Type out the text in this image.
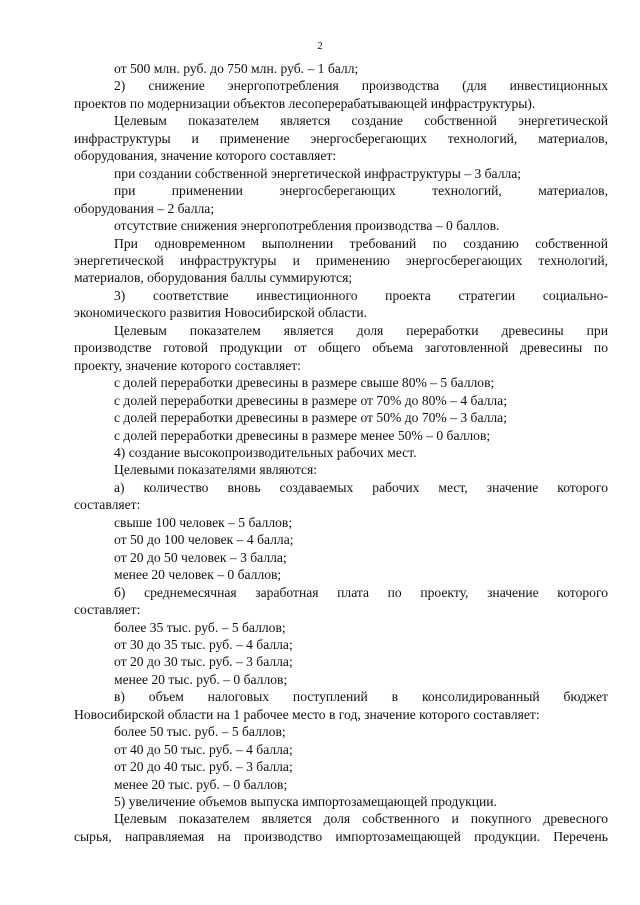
2
от 500 млн. руб. до 750 млн. руб. – 1 балл;
2) снижение энергопотребления производства (для инвестиционных
проектов по модернизации объектов лесоперерабатывающей инфраструктуры).
Целевым показателем является создание собственной энергетической
инфраструктуры и применение энергосберегающих технологий, материалов,
оборудования, значение которого составляет:
при создании собственной энергетической инфраструктуры – 3 балла;
при применении энергосберегающих технологий, материалов,
оборудования – 2 балла;
отсутствие снижения энергопотребления производства – 0 баллов.
При одновременном выполнении требований по созданию собственной
энергетической инфраструктуры и применению энергосберегающих технологий,
материалов, оборудования баллы суммируются;
3) соответствие инвестиционного проекта стратегии социально-
экономического развития Новосибирской области.
Целевым показателем является доля переработки древесины при
производстве готовой продукции от общего объема заготовленной древесины по
проекту, значение которого составляет:
с долей переработки древесины в размере свыше 80% – 5 баллов;
с долей переработки древесины в размере от 70% до 80% – 4 балла;
с долей переработки древесины в размере от 50% до 70% – 3 балла;
с долей переработки древесины в размере менее 50% – 0 баллов;
4) создание высокопроизводительных рабочих мест.
Целевыми показателями являются:
а) количество вновь создаваемых рабочих мест, значение которого
составляет:
свыше 100 человек – 5 баллов;
от 50 до 100 человек – 4 балла;
от 20 до 50 человек – 3 балла;
менее 20 человек – 0 баллов;
б) среднемесячная заработная плата по проекту, значение которого
составляет:
более 35 тыс. руб. – 5 баллов;
от 30 до 35 тыс. руб. – 4 балла;
от 20 до 30 тыс. руб. – 3 балла;
менее 20 тыс. руб. – 0 баллов;
в) объем налоговых поступлений в консолидированный бюджет
Новосибирской области на 1 рабочее место в год, значение которого составляет:
более 50 тыс. руб. – 5 баллов;
от 40 до 50 тыс. руб. – 4 балла;
от 20 до 40 тыс. руб. – 3 балла;
менее 20 тыс. руб. – 0 баллов;
5) увеличение объемов выпуска импортозамещающей продукции.
Целевым показателем является доля собственного и покупного древесного
сырья, направляемая на производство импортозамещающей продукции. Перечень
